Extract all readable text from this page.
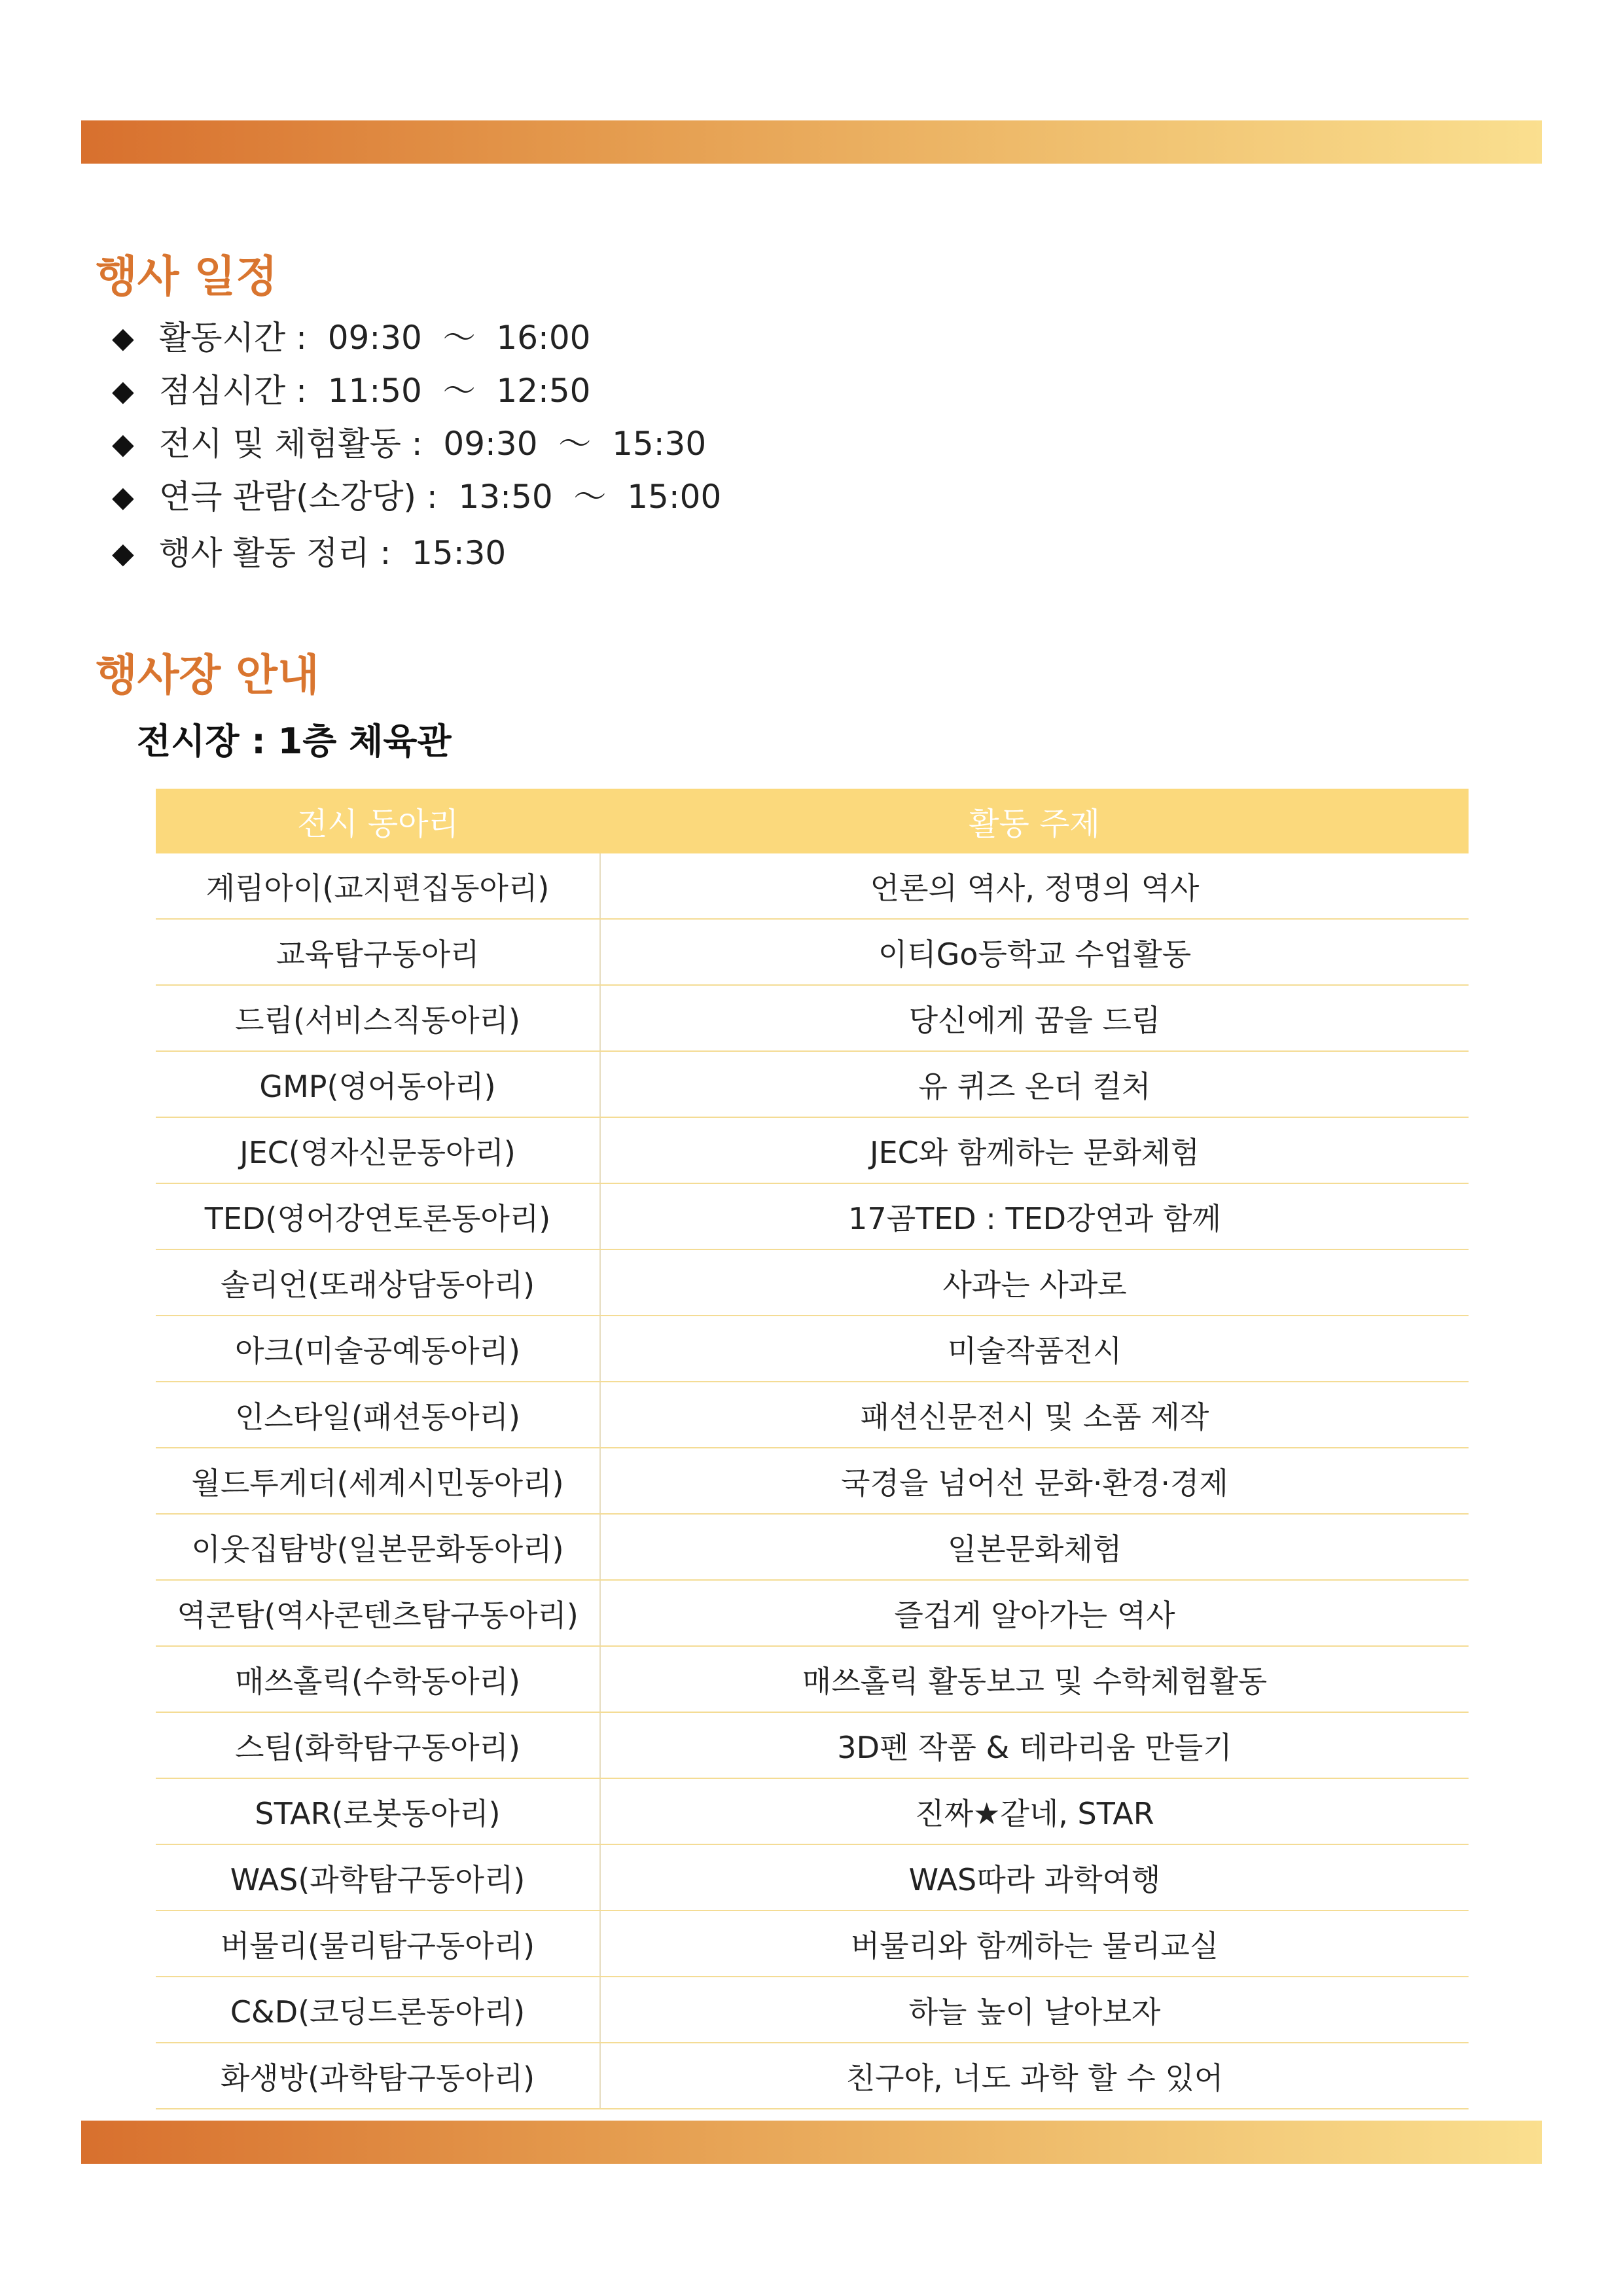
행사 일정
◆ 활동시간 :  09:30  ～  16:00
◆ 점심시간 :  11:50  ～  12:50
◆ 전시 및 체험활동 :  09:30  ～  15:30
◆ 연극 관람(소강당) :  13:50  ～  15:00
◆ 행사 활동 정리 :  15:30
행사장 안내
전시장 : 1층 체육관
전시 동아리	활동 주제
계림아이(교지편집동아리)	언론의 역사, 정명의 역사
교육탐구동아리	이티Go등학교 수업활동
드림(서비스직동아리)	당신에게 꿈을 드림
GMP(영어동아리)	유 퀴즈 온더 컬처
JEC(영자신문동아리)	JEC와 함께하는 문화체험
TED(영어강연토론동아리)	17곰TED : TED강연과 함께
솔리언(또래상담동아리)	사과는 사과로
아크(미술공예동아리)	미술작품전시
인스타일(패션동아리)	패션신문전시 및 소품 제작
월드투게더(세계시민동아리)	국경을 넘어선 문화·환경·경제
이웃집탐방(일본문화동아리)	일본문화체험
역콘탐(역사콘텐츠탐구동아리)	즐겁게 알아가는 역사
매쓰홀릭(수학동아리)	매쓰홀릭 활동보고 및 수학체험활동
스팀(화학탐구동아리)	3D펜 작품 & 테라리움 만들기
STAR(로봇동아리)	진짜★같네, STAR
WAS(과학탐구동아리)	WAS따라 과학여행
버물리(물리탐구동아리)	버물리와 함께하는 물리교실
C&D(코딩드론동아리)	하늘 높이 날아보자
화생방(과학탐구동아리)	친구야, 너도 과학 할 수 있어
